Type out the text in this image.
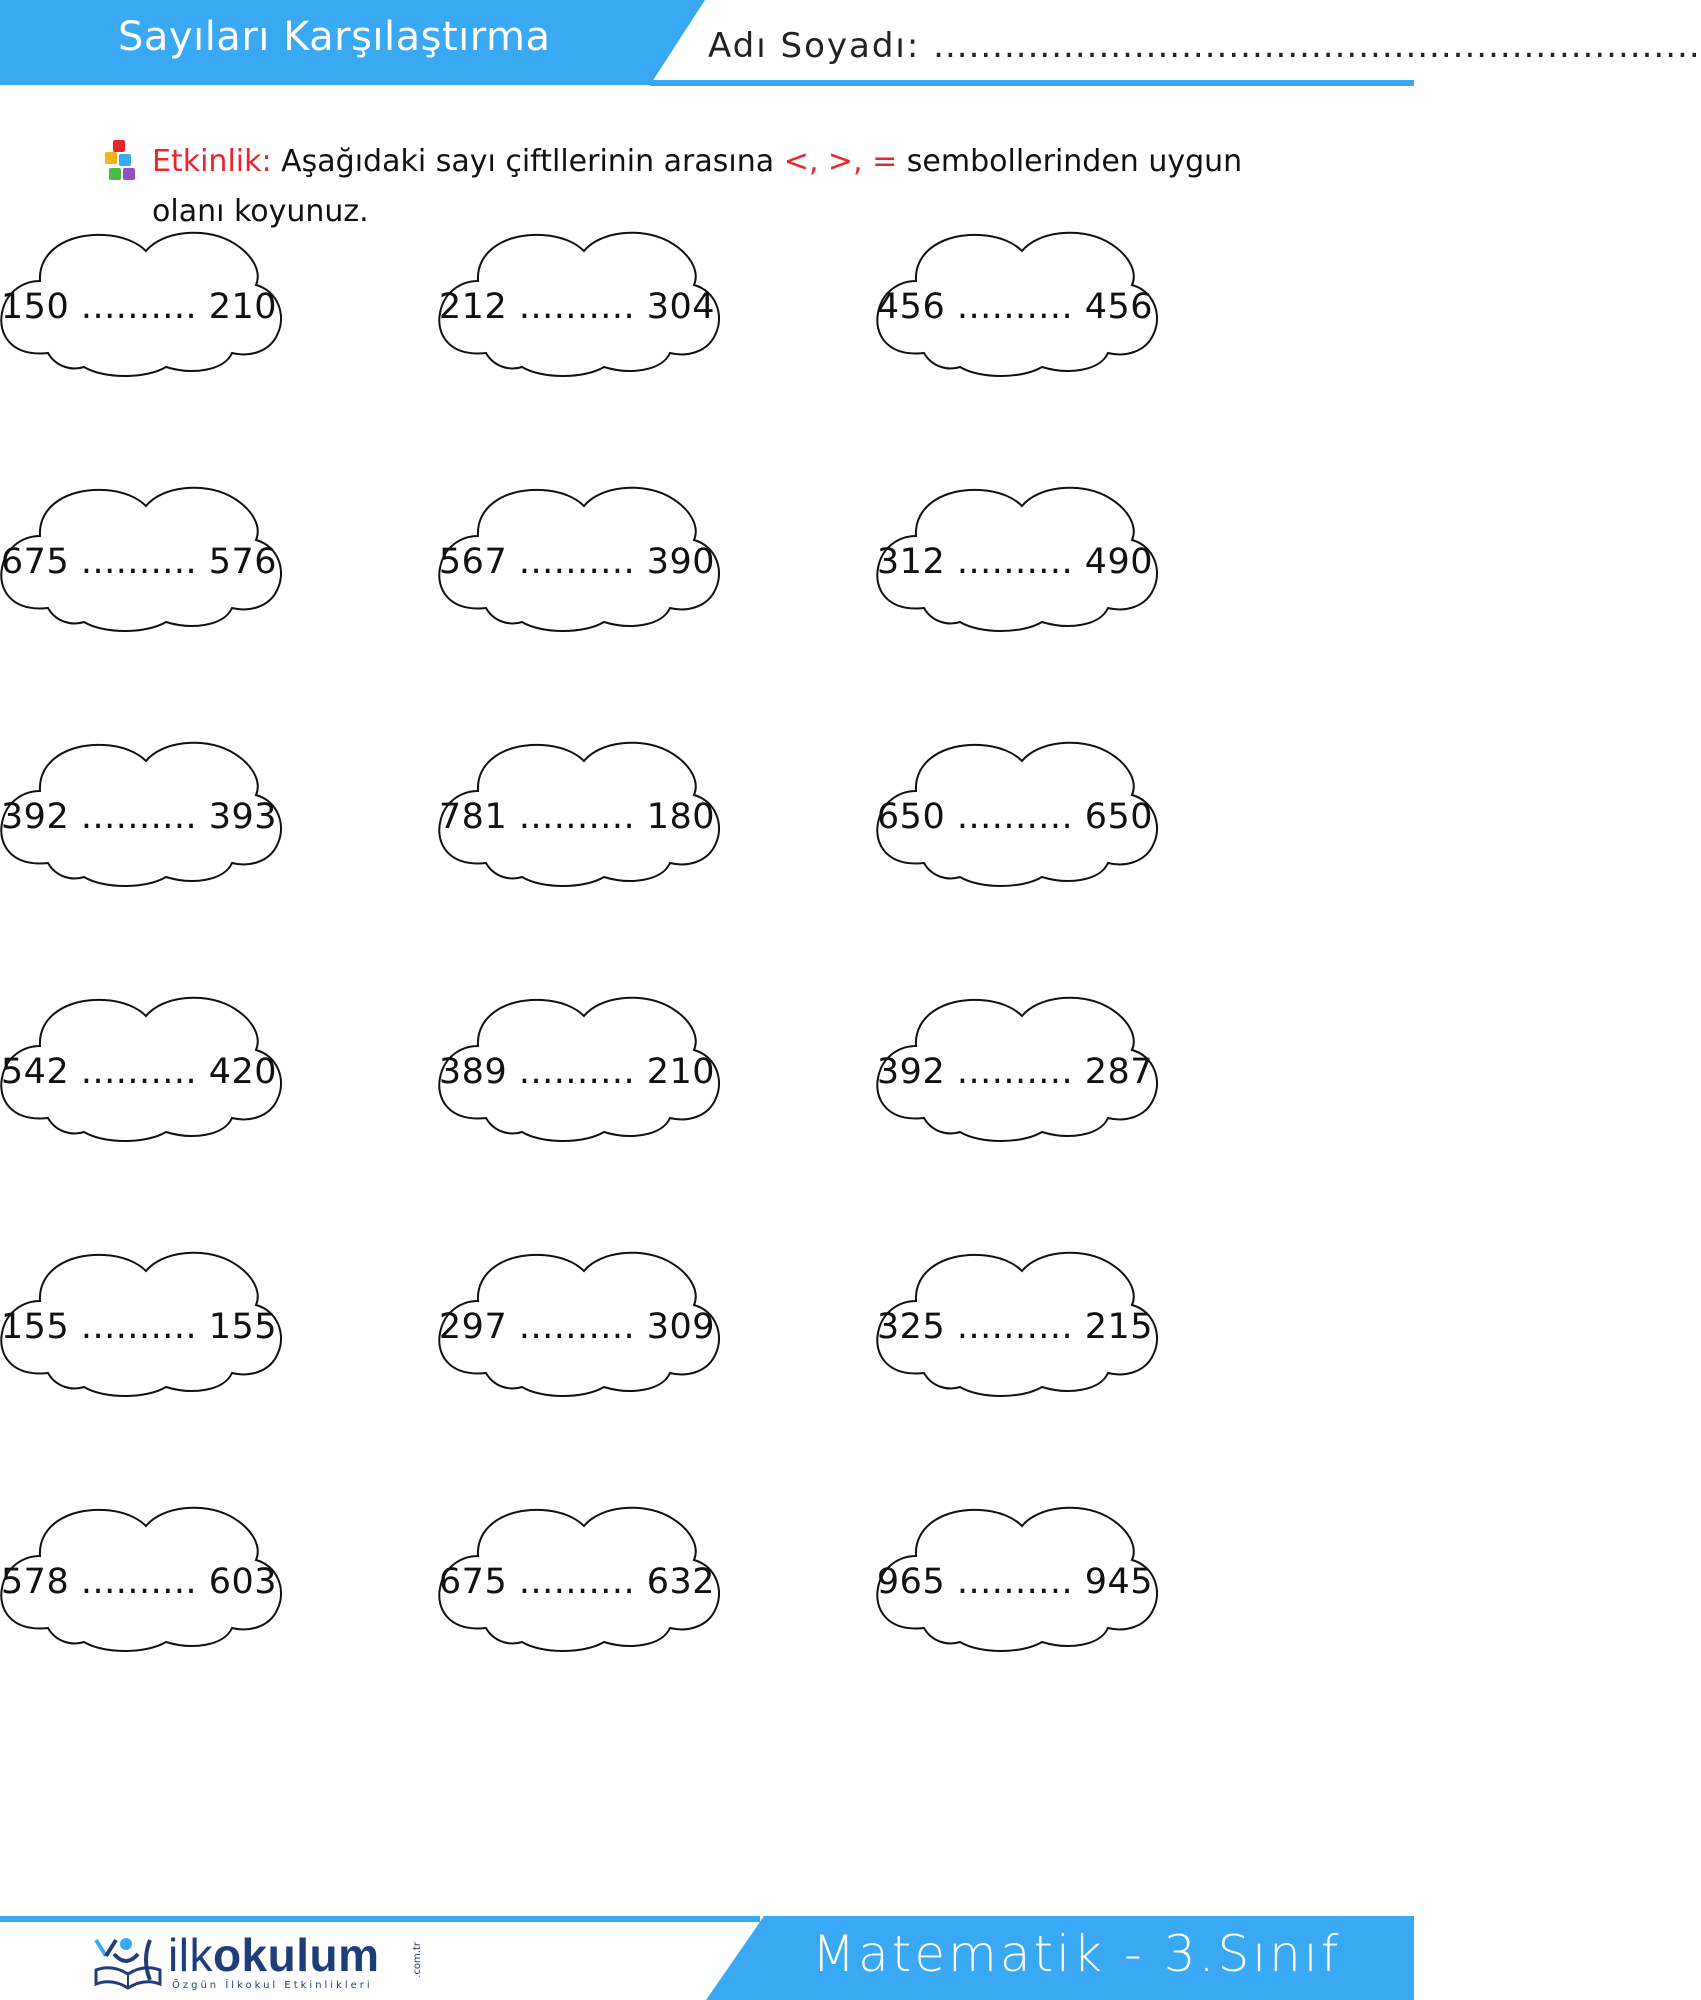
Sayıları Karşılaştırma	Adı Soyadı: .................................................................
Etkinlik: Aşağıdaki sayı çiftllerinin arasına <, >, = sembollerinden uygun olanı koyunuz.
150 .......... 210	212 .......... 304	456 .......... 456
675 .......... 576	567 .......... 390	312 .......... 490
392 .......... 393	781 .......... 180	650 .......... 650
542 .......... 420	389 .......... 210	392 .......... 287
155 .......... 155	297 .......... 309	325 .......... 215
578 .......... 603	675 .......... 632	965 .......... 945
Matematik - 3.Sınıf
ilkokulum	.com.tr
Özgün İlkokul Etkinlikleri
